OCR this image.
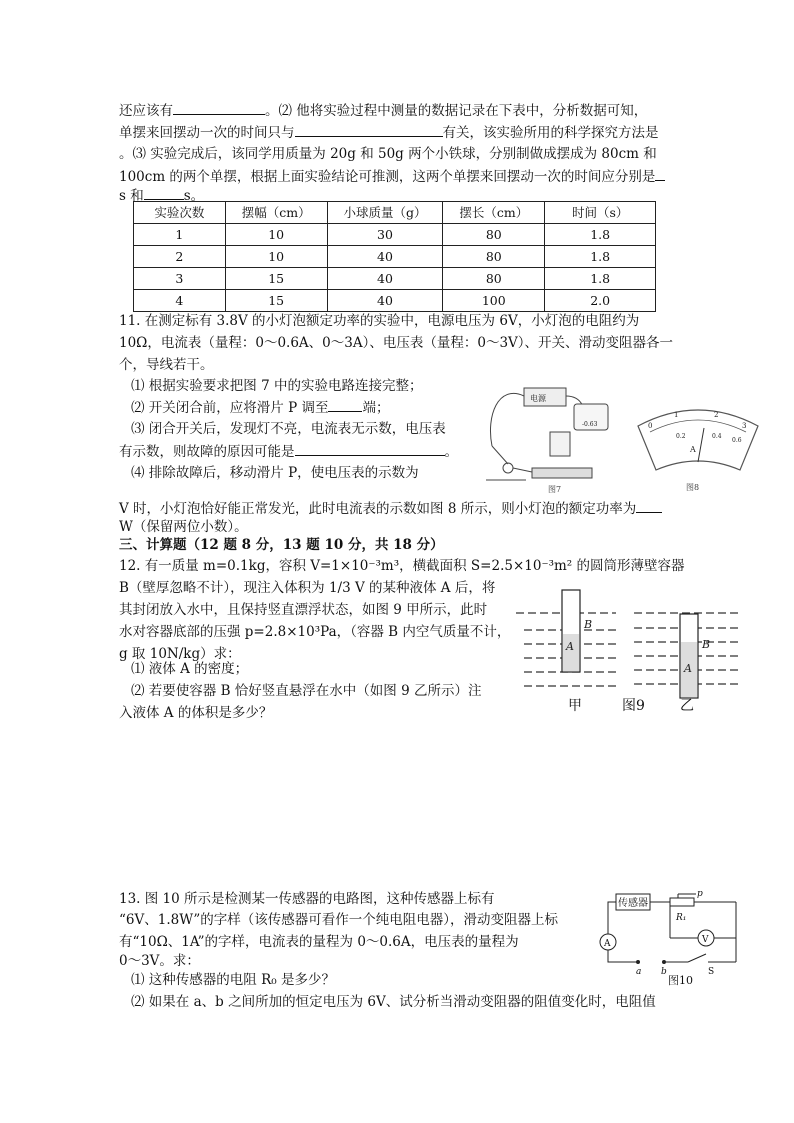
还应该有	。⑵ 他将实验过程中测量的数据记录在下表中，分析数据可知，
单摆来回摆动一次的时间只与	有关，该实验所用的科学探究方法是
。⑶ 实验完成后，该同学用质量为 20g 和 50g 两个小铁球，分别制做成摆成为 80cm 和
100cm 的两个单摆，根据上面实验结论可推测，这两个单摆来回摆动一次的时间应分别是
s 和	s。
实验次数	摆幅（cm）	小球质量（g）	摆长（cm）	时间（s）
1	10	30	80	1.8
2	10	40	80	1.8
3	15	40	80	1.8
4	15	40	100	2.0
11. 在测定标有 3.8V 的小灯泡额定功率的实验中，电源电压为 6V，小灯泡的电阻约为
10Ω，电流表（量程：0～0.6A、0～3A）、电压表（量程：0～3V）、开关、滑动变阻器各一
个，导线若干。
⑴ 根据实验要求把图 7 中的实验电路连接完整；
⑵ 开关闭合前，应将滑片 P 调至	端；
⑶ 闭合开关后，发现灯不亮，电流表无示数，电压表
有示数，则故障的原因可能是	。
⑷ 排除故障后，移动滑片 P，使电压表的示数为
V 时，小灯泡恰好能正常发光，此时电流表的示数如图 8 所示，则小灯泡的额定功率为
W（保留两位小数）。
电源
-0.63
图7
0
1	2
3
0.2	0.4
0.6
A
图8
三、计算题（12 题 8 分，13 题 10 分，共 18 分）
12. 有一质量 m=0.1kg，容积 V=1×10⁻³m³，横截面积 S=2.5×10⁻³m² 的圆筒形薄壁容器
B（壁厚忽略不计），现注入体积为 1/3 V 的某种液体 A 后，将
其封闭放入水中，且保持竖直漂浮状态，如图 9 甲所示，此时
水对容器底部的压强 p=2.8×10³Pa，（容器 B 内空气质量不计，
g 取 10N/kg）求：
⑴ 液体 A 的密度；
⑵ 若要使容器 B 恰好竖直悬浮在水中（如图 9 乙所示）注
入液体 A 的体积是多少？
B
A	B
A
甲	图9	乙
13. 图 10 所示是检测某一传感器的电路图，这种传感器上标有
“6V、1.8W”的字样（该传感器可看作一个纯电阻电器），滑动变阻器上标
有“10Ω、1A”的字样，电流表的量程为 0～0.6A，电压表的量程为
0～3V。求：
⑴ 这种传感器的电阻 R₀ 是多少？
⑵ 如果在 a、b 之间所加的恒定电压为 6V、试分析当滑动变阻器的阻值变化时，电阻值
传感器
p
R₁
A	V
a b	S
图10
